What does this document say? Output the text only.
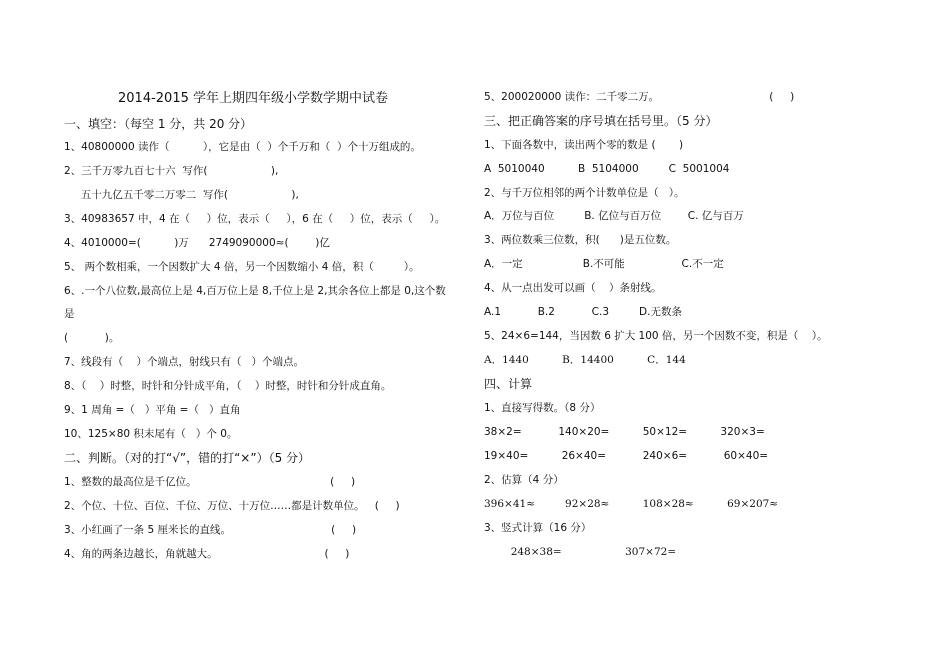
2014-2015 学年上期四年级小学数学期中试卷
一、填空：（每空 1 分，共 20 分）
1、40800000 读作（          ），它是由（  ）个千万和（  ）个十万组成的。
2、三千万零九百七十六  写作(                   ),
五十九亿五千零二万零二  写作(                   ),
3、40983657 中，4 在（     ）位，表示（     ），6 在（     ）位，表示（     ）。
4、4010000=(          )万      2749090000≈(        )亿
5、 两个数相乘，一个因数扩大 4 倍，另一个因数缩小 4 倍，积（         ）。
6、.一个八位数,最高位上是 4,百万位上是 8,千位上是 2,其余各位上都是 0,这个数
是
(           )。
7、线段有（    ）个端点，射线只有（   ）个端点。
8、（    ）时整，时针和分针成平角，（    ）时整，时针和分针成直角。
9、1 周角 =（   ）平角 =（   ）直角
10、125×80 积末尾有（   ）个 0。
二、判断。（对的打“√”，错的打“×”）（5 分）
1、整数的最高位是千亿位。                                        (     )
2、个位、十位、百位、千位、万位、十万位……都是计数单位。   (     )
3、小红画了一条 5 厘米长的直线。                              (     )
4、角的两条边越长，角就越大。                                (     )
5、200020000 读作：二千零二万。                                 (     )
三、把正确答案的序号填在括号里。（5 分）
1、下面各数中，读出两个零的数是 (       )
A  5010040          B  5104000         C  5001004
2、与千万位相邻的两个计数单位是（   ）。
A．万位与百位         B. 亿位与百万位        C. 亿与百万
3、两位数乘三位数，积(      )是五位数。
A．一定                  B.不可能                 C.不一定
4、从一点出发可以画（    ）条射线。
A.1           B.2           C.3         D.无数条
5、24×6=144，当因数 6 扩大 100 倍，另一个因数不变，积是（    ）。
A．1440          B．14400          C．144
四、计算
1、直接写得数。（8 分）
38×2=           140×20=          50×12=          320×3=
19×40=          26×40=           240×6=           60×40=
2、估算（4 分）
396×41≈         92×28≈          108×28≈          69×207≈
3、竖式计算（16 分）
248×38=                   307×72=
